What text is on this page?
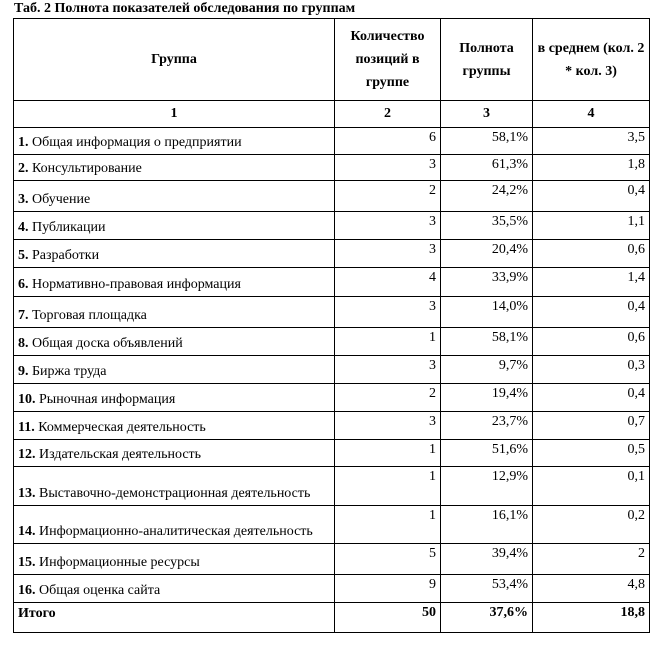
Таб. 2 Полнота показателей обследования по группам
Группа	Количество позиций в группе	Полнота группы	в среднем (кол. 2 * кол. 3)
1	2	3	4
1. Общая информация о предприятии	6	58,1%	3,5
2. Консультирование	3	61,3%	1,8
3. Обучение	2	24,2%	0,4
4. Публикации	3	35,5%	1,1
5. Разработки	3	20,4%	0,6
6. Нормативно-правовая информация	4	33,9%	1,4
7. Торговая площадка	3	14,0%	0,4
8. Общая доска объявлений	1	58,1%	0,6
9. Биржа труда	3	9,7%	0,3
10. Рыночная информация	2	19,4%	0,4
11. Коммерческая деятельность	3	23,7%	0,7
12. Издательская деятельность	1	51,6%	0,5
13. Выставочно-демонстрационная деятельность	1	12,9%	0,1
14. Информационно-аналитическая деятельность	1	16,1%	0,2
15. Информационные ресурсы	5	39,4%	2
16. Общая оценка сайта	9	53,4%	4,8
Итого	50	37,6%	18,8
